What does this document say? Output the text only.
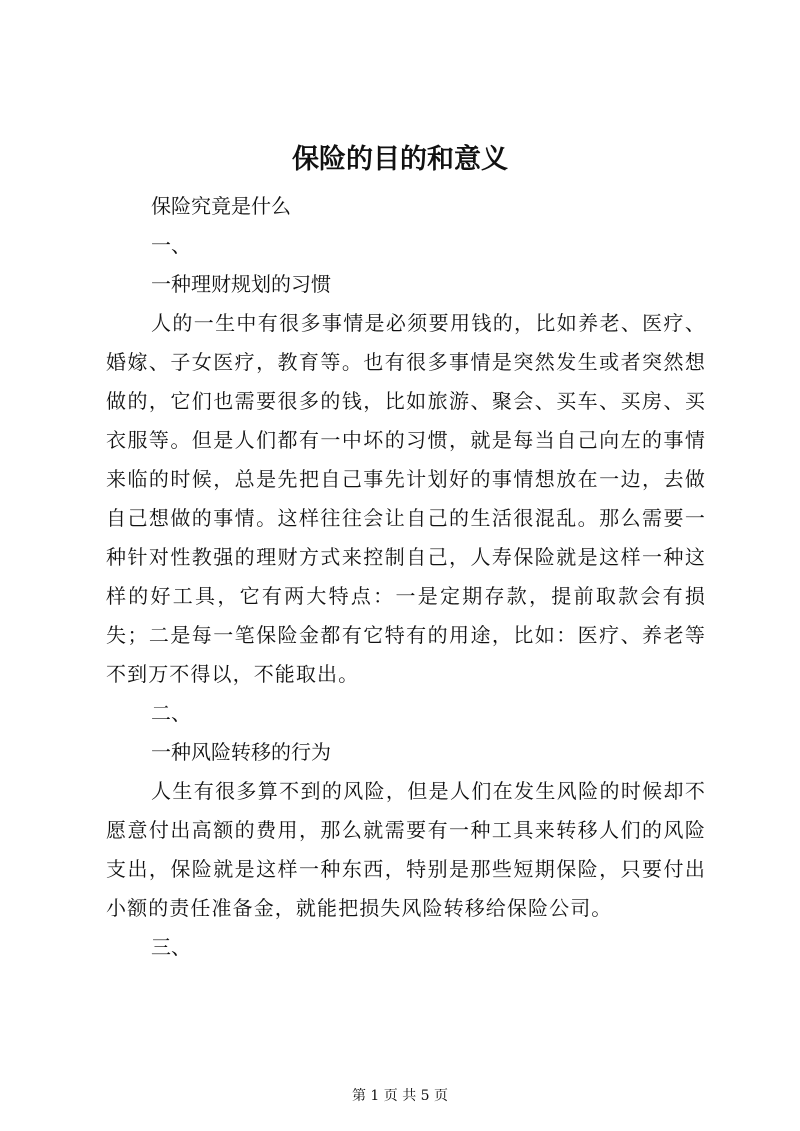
保险的目的和意义

保险究竟是什么

一、

一种理财规划的习惯

人的一生中有很多事情是必须要用钱的，比如养老、医疗、婚嫁、子女医疗，教育等。也有很多事情是突然发生或者突然想做的，它们也需要很多的钱，比如旅游、聚会、买车、买房、买衣服等。但是人们都有一中坏的习惯，就是每当自己向左的事情来临的时候，总是先把自己事先计划好的事情想放在一边，去做自己想做的事情。这样往往会让自己的生活很混乱。那么需要一种针对性教强的理财方式来控制自己，人寿保险就是这样一种这样的好工具，它有两大特点：一是定期存款，提前取款会有损失；二是每一笔保险金都有它特有的用途，比如：医疗、养老等不到万不得以，不能取出。

二、

一种风险转移的行为

人生有很多算不到的风险，但是人们在发生风险的时候却不愿意付出高额的费用，那么就需要有一种工具来转移人们的风险支出，保险就是这样一种东西，特别是那些短期保险，只要付出小额的责任准备金，就能把损失风险转移给保险公司。

三、

第 1 页 共 5 页
